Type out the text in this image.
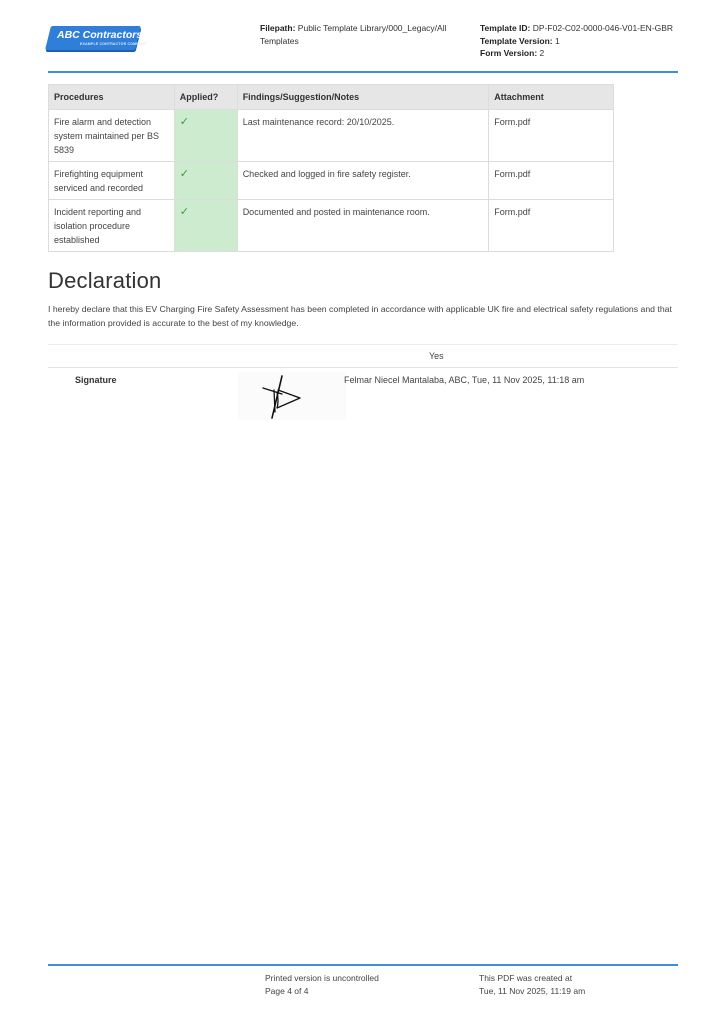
ABC Contractors
EXAMPLE CONTRACTOR COMPANY
Filepath: Public Template Library/000_Legacy/All Templates
Template ID: DP-F02-C02-0000-046-V01-EN-GBR
Template Version: 1
Form Version: 2
Procedures	Applied?	Findings/Suggestion/Notes	Attachment
Fire alarm and detection system maintained per BS 5839	✓	Last maintenance record: 20/10/2025.	Form.pdf
Firefighting equipment serviced and recorded	✓	Checked and logged in fire safety register.	Form.pdf
Incident reporting and isolation procedure established	✓	Documented and posted in maintenance room.	Form.pdf
Declaration

I hereby declare that this EV Charging Fire Safety Assessment has been completed in accordance with applicable UK fire and electrical safety regulations and that the information provided is accurate to the best of my knowledge.

Yes
Signature	Felmar Niecel Mantalaba, ABC, Tue, 11 Nov 2025, 11:18 am
Printed version is uncontrolled
Page 4 of 4
This PDF was created at
Tue, 11 Nov 2025, 11:19 am
